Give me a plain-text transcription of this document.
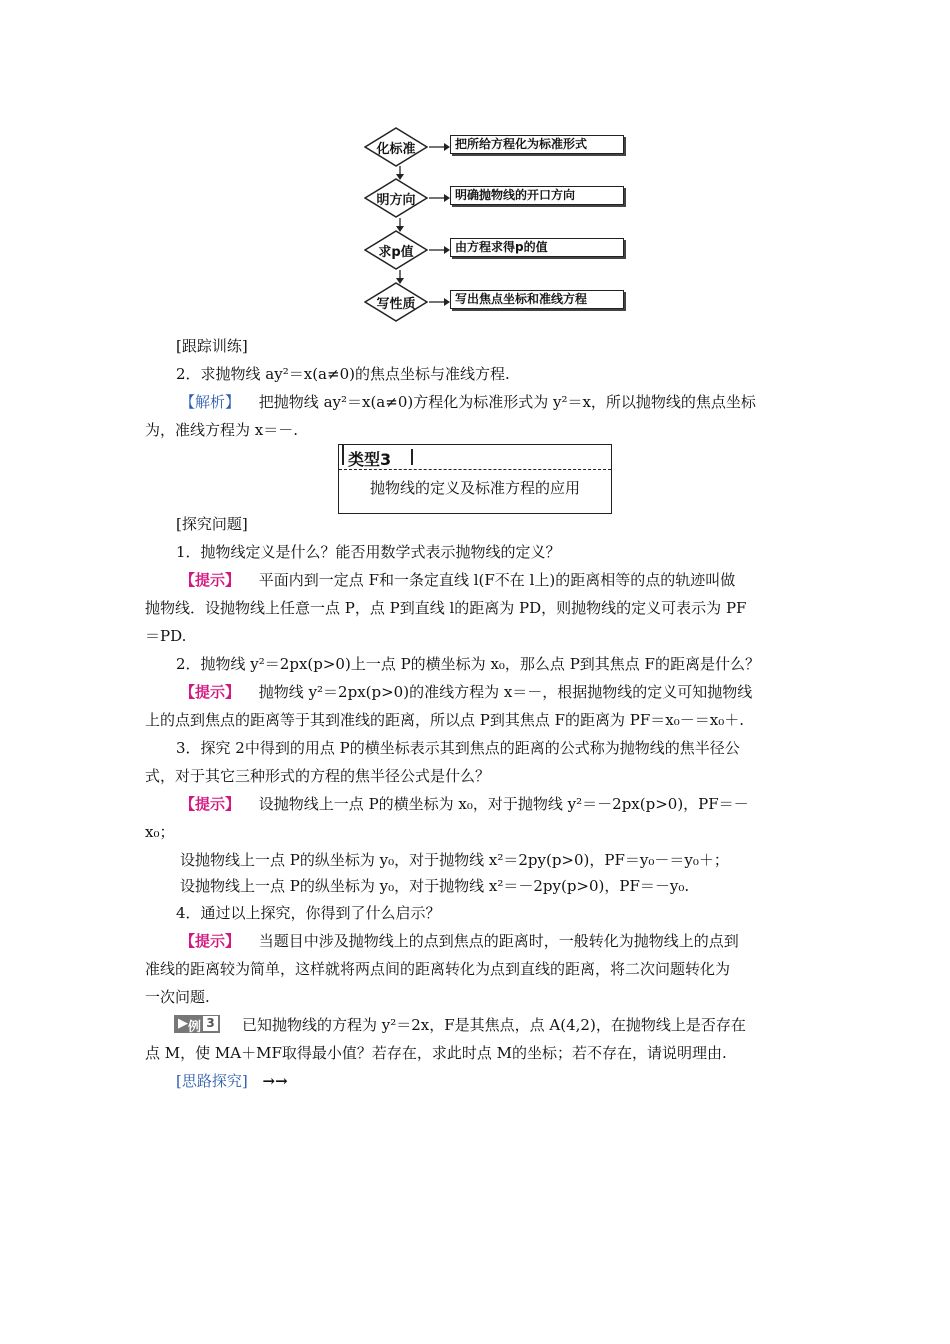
化标准	把所给方程化为标准形式
明方向	明确抛物线的开口方向
求p值	由方程求得p的值
写性质	写出焦点坐标和准线方程
[跟踪训练]
2．求抛物线 ay²＝x(a≠0)的焦点坐标与准线方程.
【解析】 把抛物线 ay²＝x(a≠0)方程化为标准形式为 y²＝x，所以抛物线的焦点坐标
为，准线方程为 x＝－.
类型3
抛物线的定义及标准方程的应用
[探究问题]
1．抛物线定义是什么？能否用数学式表示抛物线的定义？
【提示】 平面内到一定点 F和一条定直线 l(F不在 l上)的距离相等的点的轨迹叫做
抛物线．设抛物线上任意一点 P，点 P到直线 l的距离为 PD，则抛物线的定义可表示为 PF
＝PD.
2．抛物线 y²＝2px(p>0)上一点 P的横坐标为 x₀，那么点 P到其焦点 F的距离是什么？
【提示】 抛物线 y²＝2px(p>0)的准线方程为 x＝－，根据抛物线的定义可知抛物线
上的点到焦点的距离等于其到准线的距离，所以点 P到其焦点 F的距离为 PF＝x₀－＝x₀＋.
3．探究 2中得到的用点 P的横坐标表示其到焦点的距离的公式称为抛物线的焦半径公
式，对于其它三种形式的方程的焦半径公式是什么？
【提示】 设抛物线上一点 P的横坐标为 x₀，对于抛物线 y²＝－2px(p>0)，PF＝－
x₀；
设抛物线上一点 P的纵坐标为 y₀，对于抛物线 x²＝2py(p>0)，PF＝y₀－＝y₀＋；
设抛物线上一点 P的纵坐标为 y₀，对于抛物线 x²＝－2py(p>0)，PF＝－y₀.
4．通过以上探究，你得到了什么启示？
【提示】 当题目中涉及抛物线上的点到焦点的距离时，一般转化为抛物线上的点到
准线的距离较为简单，这样就将两点间的距离转化为点到直线的距离，将二次问题转化为
一次问题.
▶ 例 3 已知抛物线的方程为 y²＝2x，F是其焦点，点 A(4,2)，在抛物线上是否存在
点 M，使 MA＋MF取得最小值？若存在，求此时点 M的坐标；若不存在，请说明理由.
[思路探究] →→
